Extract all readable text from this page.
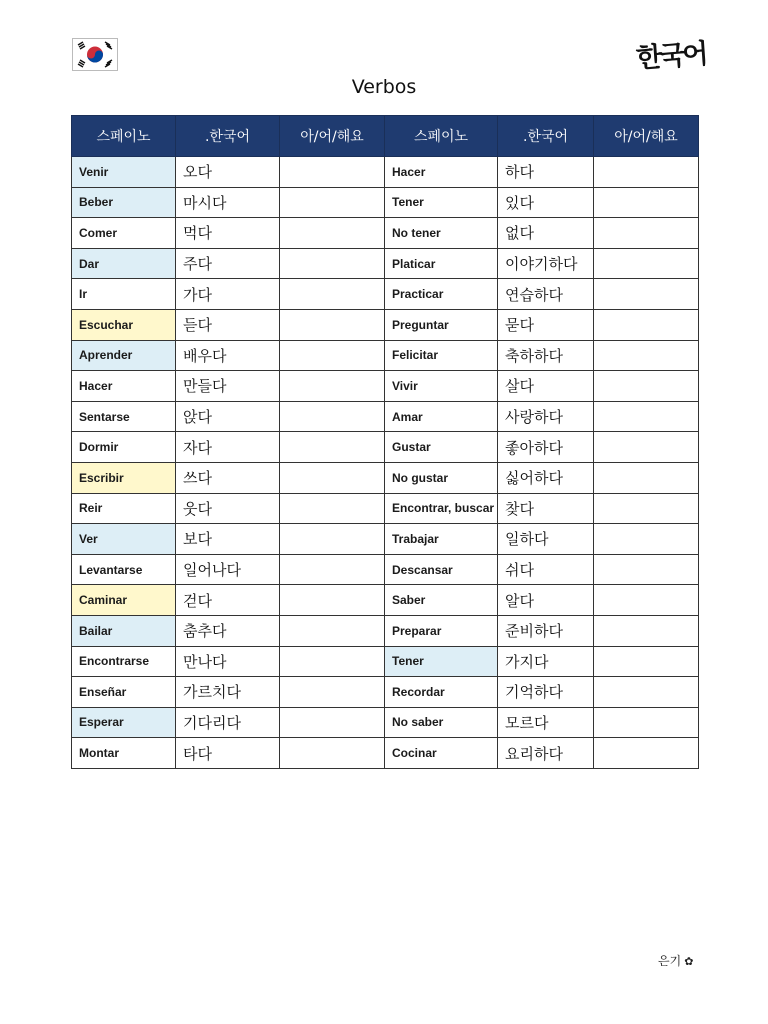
한국어
Verbos
스페이노	.한국어	아/어/해요	스페이노	.한국어	아/어/해요
Venir	오다		Hacer	하다	
Beber	마시다		Tener	있다	
Comer	먹다		No tener	없다	
Dar	주다		Platicar	이야기하다	
Ir	가다		Practicar	연습하다	
Escuchar	듣다		Preguntar	묻다	
Aprender	배우다		Felicitar	축하하다	
Hacer	만들다		Vivir	살다	
Sentarse	앉다		Amar	사랑하다	
Dormir	자다		Gustar	좋아하다	
Escribir	쓰다		No gustar	싫어하다	
Reir	웃다		Encontrar, buscar	찾다	
Ver	보다		Trabajar	일하다	
Levantarse	일어나다		Descansar	쉬다	
Caminar	걷다		Saber	알다	
Bailar	춤추다		Preparar	준비하다	
Encontrarse	만나다		Tener	가지다	
Enseñar	가르치다		Recordar	기억하다	
Esperar	기다리다		No saber	모르다	
Montar	타다		Cocinar	요리하다	
은기 ✿
